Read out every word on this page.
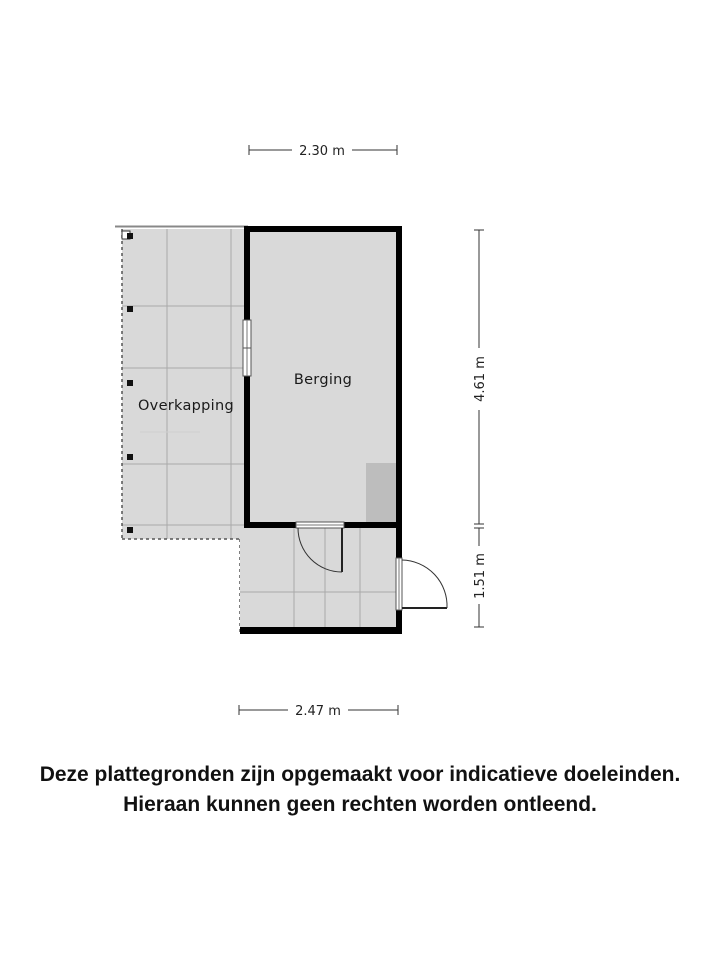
Berging
Overkapping
2.30 m
2.47 m
4.61 m
1.51 m
Deze plattegronden zijn opgemaakt voor indicatieve doeleinden.
Hieraan kunnen geen rechten worden ontleend.
